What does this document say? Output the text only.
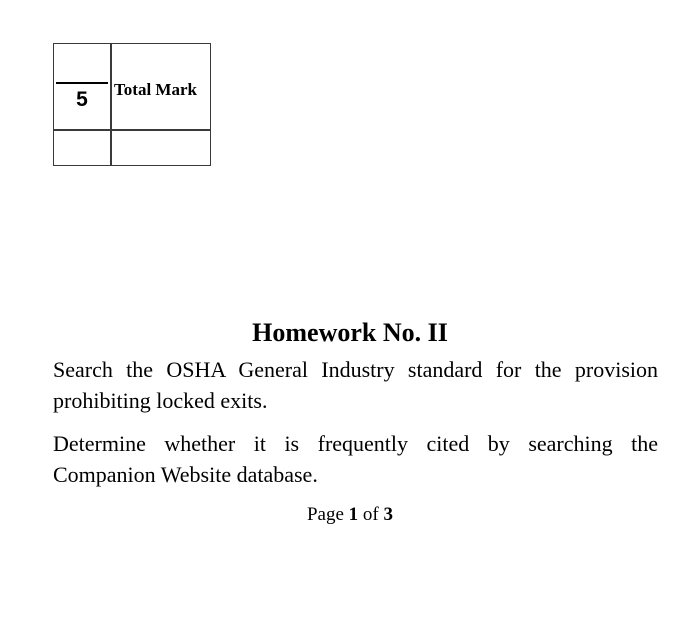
5	Total Mark
Homework No. II
Search the OSHA General Industry standard for the provision prohibiting locked exits.
Determine whether it is frequently cited by searching the Companion Website database.
Page 1 of 3
